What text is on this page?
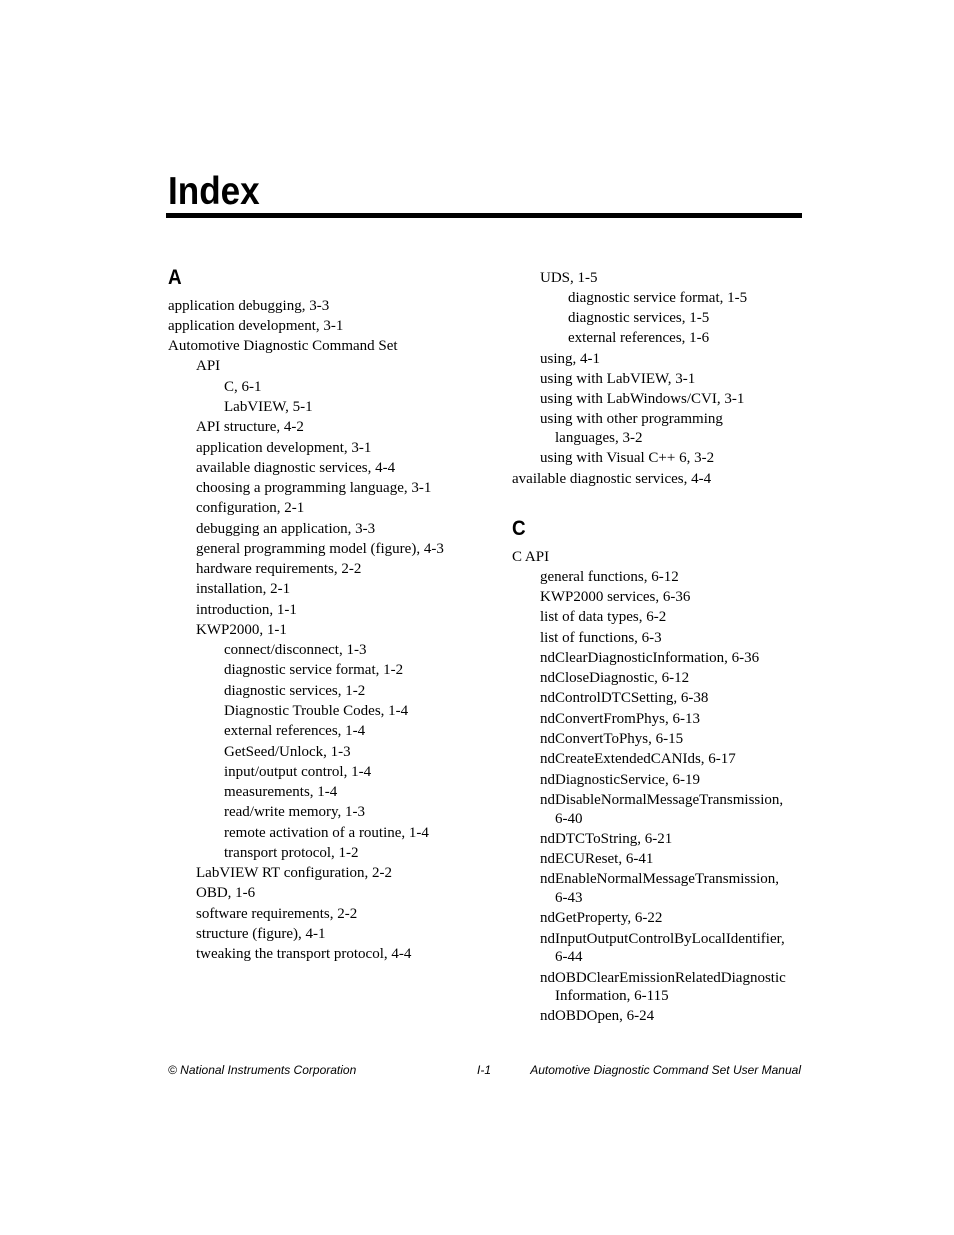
Index
A
application debugging, 3-3
application development, 3-1
Automotive Diagnostic Command Set
API
C, 6-1
LabVIEW, 5-1
API structure, 4-2
application development, 3-1
available diagnostic services, 4-4
choosing a programming language, 3-1
configuration, 2-1
debugging an application, 3-3
general programming model (figure), 4-3
hardware requirements, 2-2
installation, 2-1
introduction, 1-1
KWP2000, 1-1
connect/disconnect, 1-3
diagnostic service format, 1-2
diagnostic services, 1-2
Diagnostic Trouble Codes, 1-4
external references, 1-4
GetSeed/Unlock, 1-3
input/output control, 1-4
measurements, 1-4
read/write memory, 1-3
remote activation of a routine, 1-4
transport protocol, 1-2
LabVIEW RT configuration, 2-2
OBD, 1-6
software requirements, 2-2
structure (figure), 4-1
tweaking the transport protocol, 4-4
UDS, 1-5
diagnostic service format, 1-5
diagnostic services, 1-5
external references, 1-6
using, 4-1
using with LabVIEW, 3-1
using with LabWindows/CVI, 3-1
using with other programming
languages, 3-2
using with Visual C++ 6, 3-2
available diagnostic services, 4-4
C
C API
general functions, 6-12
KWP2000 services, 6-36
list of data types, 6-2
list of functions, 6-3
ndClearDiagnosticInformation, 6-36
ndCloseDiagnostic, 6-12
ndControlDTCSetting, 6-38
ndConvertFromPhys, 6-13
ndConvertToPhys, 6-15
ndCreateExtendedCANIds, 6-17
ndDiagnosticService, 6-19
ndDisableNormalMessageTransmission,
6-40
ndDTCToString, 6-21
ndECUReset, 6-41
ndEnableNormalMessageTransmission,
6-43
ndGetProperty, 6-22
ndInputOutputControlByLocalIdentifier,
6-44
ndOBDClearEmissionRelatedDiagnostic
Information, 6-115
ndOBDOpen, 6-24
© National Instruments Corporation	I-1	Automotive Diagnostic Command Set User Manual
